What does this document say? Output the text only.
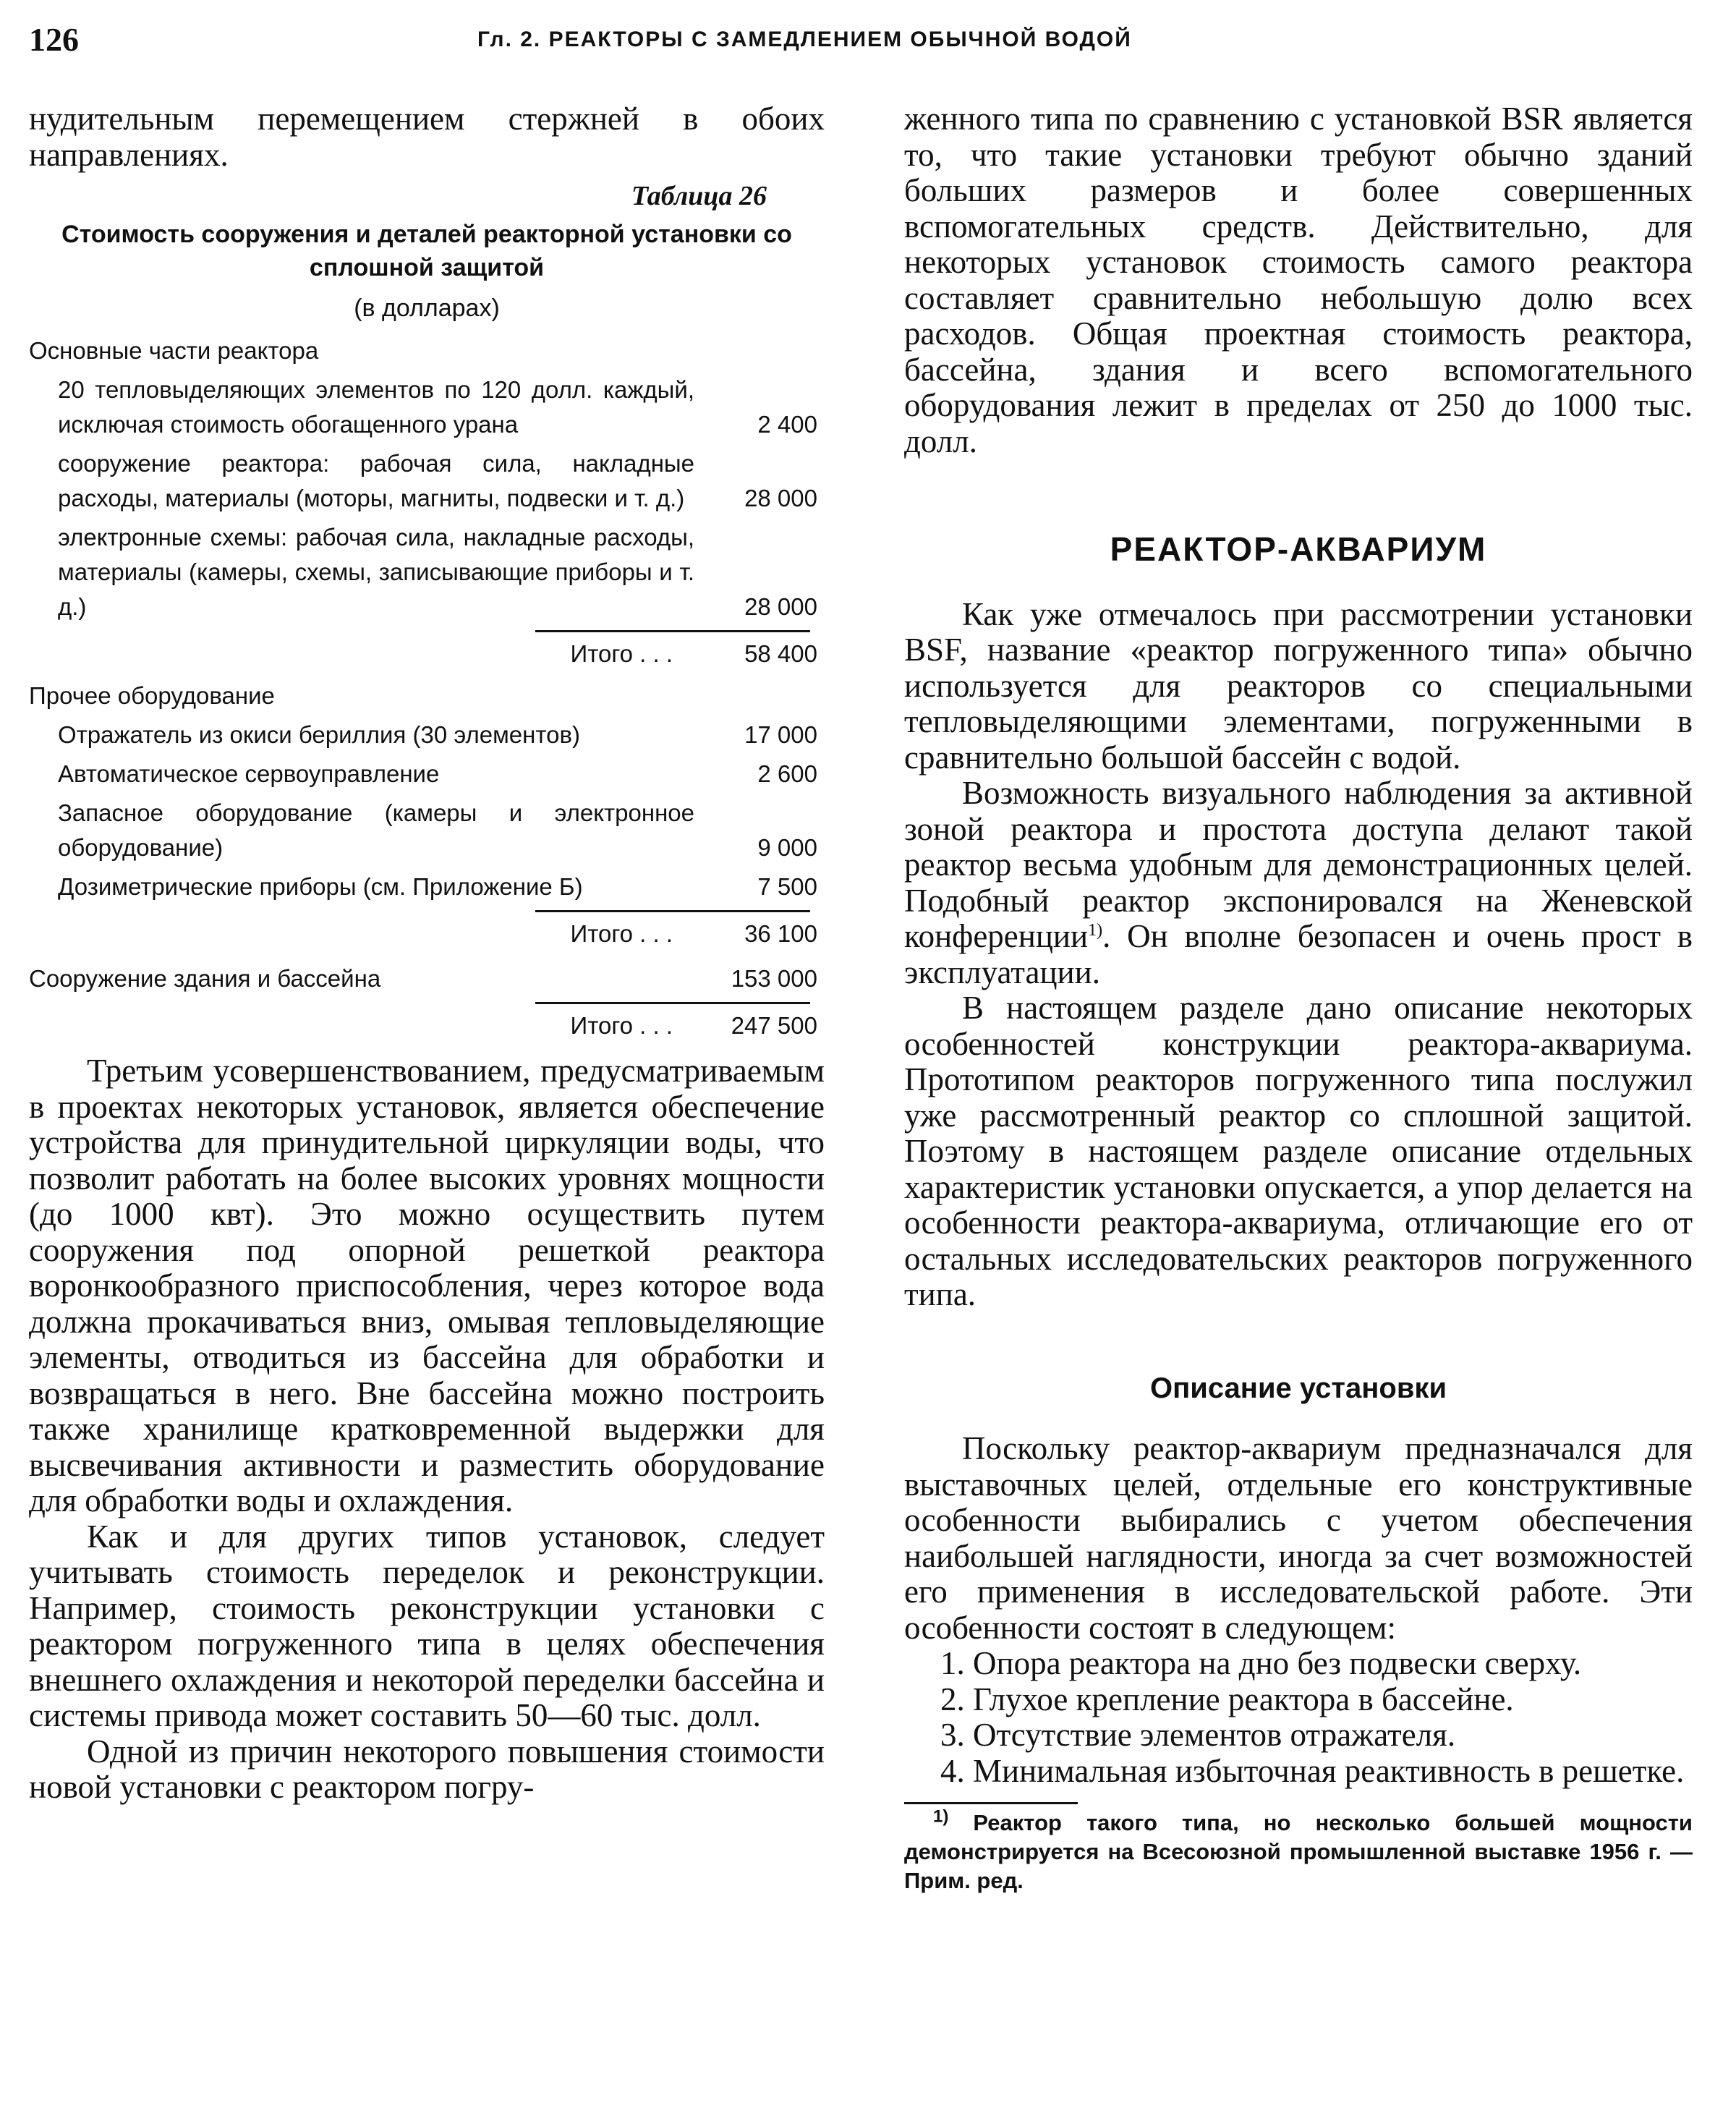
126	Гл. 2. РЕАКТОРЫ С ЗАМЕДЛЕНИЕМ ОБЫЧНОЙ ВОДОЙ

нудительным перемещением стержней в обоих направлениях.

Таблица 26
Стоимость сооружения и деталей реакторной установки со сплошной защитой
(в долларах)
Основные части реактора
20 тепловыделяющих элементов по 120 долл. каждый, исключая стоимость обогащенного урана	2 400
сооружение реактора: рабочая сила, накладные расходы, материалы (моторы, магниты, подвески и т. д.)	28 000
электронные схемы: рабочая сила, накладные расходы, материалы (камеры, схемы, записывающие приборы и т. д.)	28 000
Итого . . .	58 400
Прочее оборудование
Отражатель из окиси бериллия (30 элементов)	17 000
Автоматическое сервоуправление	2 600
Запасное оборудование (камеры и электронное оборудование)	9 000
Дозиметрические приборы (см. Приложение Б)	7 500
Итого . . .	36 100
Сооружение здания и бассейна	153 000
Итого . . .	247 500

Третьим усовершенствованием, предусматриваемым в проектах некоторых установок, является обеспечение устройства для принудительной циркуляции воды, что позволит работать на более высоких уровнях мощности (до 1000 квт). Это можно осуществить путем сооружения под опорной решеткой реактора воронкообразного приспособления, через которое вода должна прокачиваться вниз, омывая тепловыделяющие элементы, отводиться из бассейна для обработки и возвращаться в него. Вне бассейна можно построить также хранилище кратковременной выдержки для высвечивания активности и разместить оборудование для обработки воды и охлаждения.

Как и для других типов установок, следует учитывать стоимость переделок и реконструкции. Например, стоимость реконструкции установки с реактором погруженного типа в целях обеспечения внешнего охлаждения и некоторой переделки бассейна и системы привода может составить 50—60 тыс. долл.

Одной из причин некоторого повышения стоимости новой установки с реактором погру-

женного типа по сравнению с установкой BSR является то, что такие установки требуют обычно зданий больших размеров и более совершенных вспомогательных средств. Действительно, для некоторых установок стоимость самого реактора составляет сравнительно небольшую долю всех расходов. Общая проектная стоимость реактора, бассейна, здания и всего вспомогательного оборудования лежит в пределах от 250 до 1000 тыс. долл.

РЕАКТОР-АКВАРИУМ

Как уже отмечалось при рассмотрении установки BSF, название «реактор погруженного типа» обычно используется для реакторов со специальными тепловыделяющими элементами, погруженными в сравнительно большой бассейн с водой.

Возможность визуального наблюдения за активной зоной реактора и простота доступа делают такой реактор весьма удобным для демонстрационных целей. Подобный реактор экспонировался на Женевской конференции$^{1)}$. Он вполне безопасен и очень прост в эксплуатации.

В настоящем разделе дано описание некоторых особенностей конструкции реактора-аквариума. Прототипом реакторов погруженного типа послужил уже рассмотренный реактор со сплошной защитой. Поэтому в настоящем разделе описание отдельных характеристик установки опускается, а упор делается на особенности реактора-аквариума, отличающие его от остальных исследовательских реакторов погруженного типа.

Описание установки

Поскольку реактор-аквариум предназначался для выставочных целей, отдельные его конструктивные особенности выбирались с учетом обеспечения наибольшей наглядности, иногда за счет возможностей его применения в исследовательской работе. Эти особенности состоят в следующем:

1. Опора реактора на дно без подвески сверху.

2. Глухое крепление реактора в бассейне.

3. Отсутствие элементов отражателя.

4. Минимальная избыточная реактивность в решетке.

$^{1)}$ Реактор такого типа, но несколько большей мощности демонстрируется на Всесоюзной промышленной выставке 1956 г. — Прим. ред.
